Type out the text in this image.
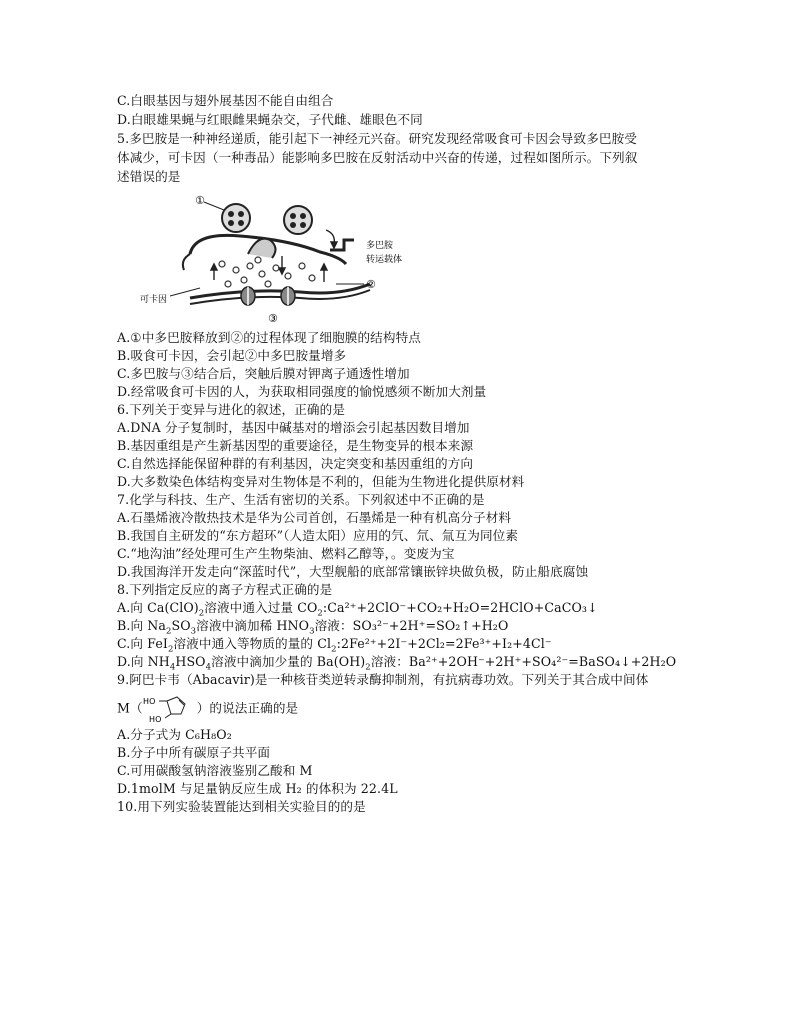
C.白眼基因与翅外展基因不能自由组合
D.白眼雄果蝇与红眼雌果蝇杂交，子代雌、雄眼色不同
5.多巴胺是一种神经递质，能引起下一神经元兴奋。研究发现经常吸食可卡因会导致多巴胺受
体减少，可卡因（一种毒品）能影响多巴胺在反射活动中兴奋的传递，过程如图所示。下列叙
述错误的是
可卡因
①
②
③
多巴胺
转运载体
A.①中多巴胺释放到②的过程体现了细胞膜的结构特点
B.吸食可卡因，会引起②中多巴胺量增多
C.多巴胺与③结合后，突触后膜对钾离子通透性增加
D.经常吸食可卡因的人，为获取相同强度的愉悦感须不断加大剂量
6.下列关于变异与进化的叙述，正确的是
A.DNA 分子复制时，基因中碱基对的增添会引起基因数目增加
B.基因重组是产生新基因型的重要途径，是生物变异的根本来源
C.自然选择能保留种群的有利基因，决定突变和基因重组的方向
D.大多数染色体结构变异对生物体是不利的，但能为生物进化提供原材料
7.化学与科技、生产、生活有密切的关系。下列叙述中不正确的是
A.石墨烯液冷散热技术是华为公司首创，石墨烯是一种有机高分子材料
B.我国自主研发的“东方超环”（人造太阳）应用的氕、氘、氚互为同位素
C.“地沟油”经处理可生产生物柴油、燃料乙醇等，。变废为宝
D.我国海洋开发走向“深蓝时代”，大型舰船的底部常镶嵌锌块做负极，防止船底腐蚀
8.下列指定反应的离子方程式正确的是
A.向 $Ca(ClO)_2$溶液中通入过量 $CO_2:Ca^{2+}+2ClO^-+CO_2+H_2O=2HClO+CaCO_3↓$
B.向 $Na_2SO_3$溶液中滴加稀 $HNO_3$溶液：SO₃²⁻+2H⁺=SO₂↑+H₂O
C.向 FeI$_2$溶液中通入等物质的量的 $Cl_2:2Fe^{2+}+2I^-+2Cl_2=2Fe^{3+}+I_2+4Cl^-$
D.向 $NH_4HSO_4$溶液中滴加少量的 $Ba(OH)_2$溶液：Ba²⁺+2OH⁻+2H⁺+SO₄²⁻=BaSO₄↓+2H₂O
9.阿巴卡韦（Abacavir)是一种核苷类逆转录酶抑制剂，有抗病毒功效。下列关于其合成中间体
M（ HO
HO
）的说法正确的是
A.分子式为 C₆H₈O₂
B.分子中所有碳原子共平面
C.可用碳酸氢钠溶液鉴别乙酸和 M
D.1molM 与足量钠反应生成 H₂ 的体积为 22.4L
10.用下列实验装置能达到相关实验目的的是
